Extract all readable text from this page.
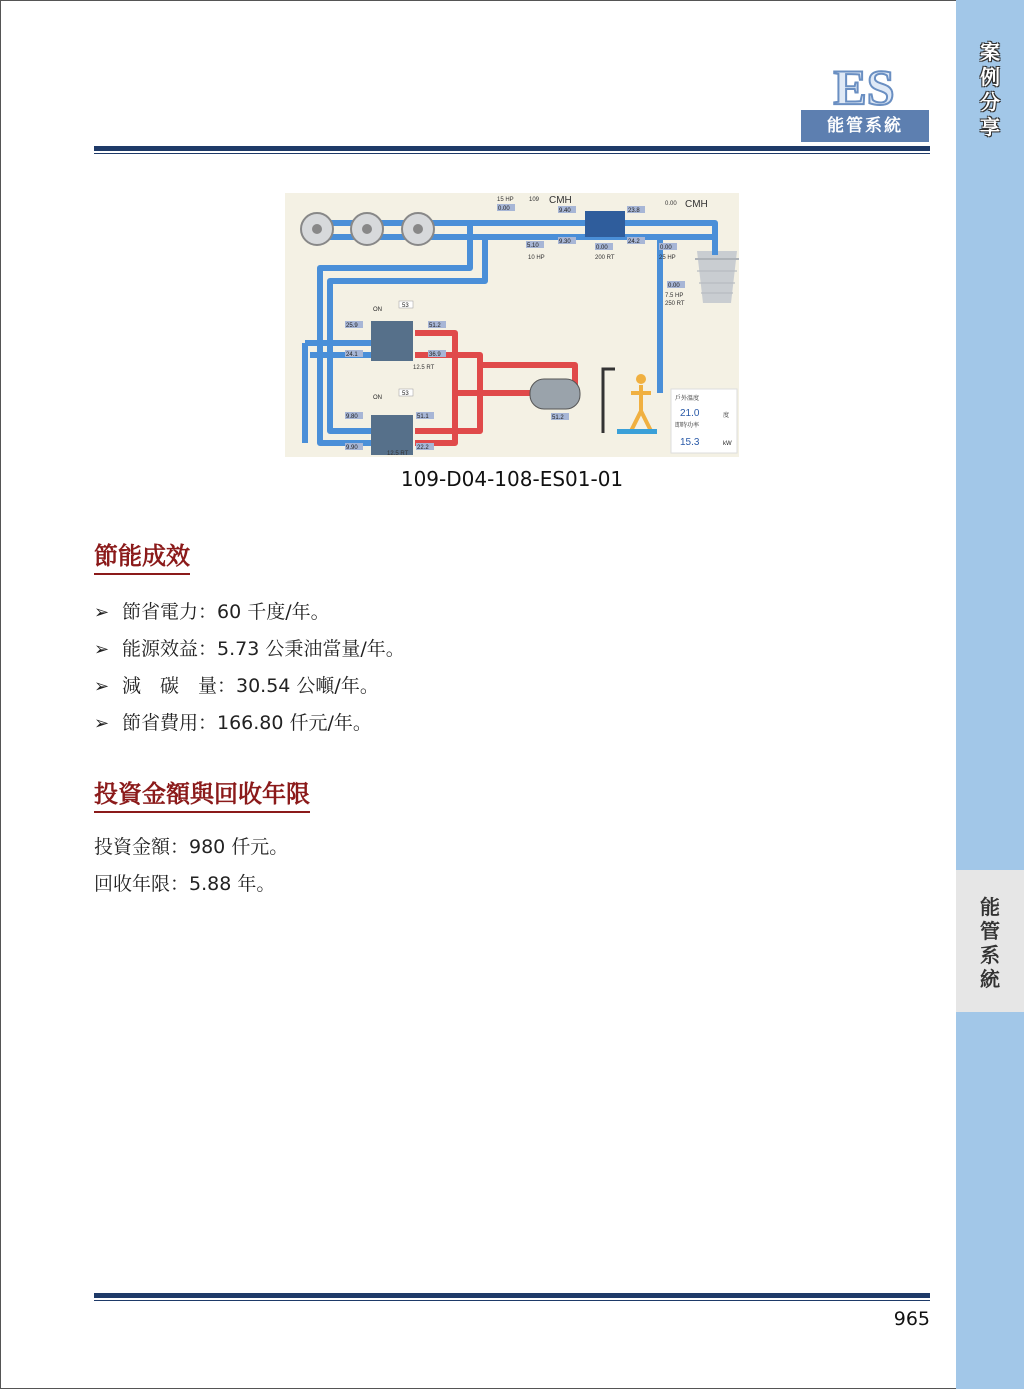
案例分享
能管系統
ES
能管系統
15 HP	109 CMH	0.00 CMH
10 HP	200 RT	25 HP
7.5 HP
250 RT
12.5 RT
12.5 RT
0.00
5.10	0.00	0.00
0.00
9.40
9.30
23.8
24.2
25.9	51.2
24.1	36.9
9.80	51.1
9.90	22.2
51.2
53
53
ON
ON	戶外溫度
21.0	度
即時功率
15.3	kW
109-D04-108-ES01-01
節能成效
➢ 節省電力：60 千度/年。
➢ 能源效益：5.73 公秉油當量/年。
➢ 減　碳　量：30.54 公噸/年。
➢ 節省費用：166.80 仟元/年。
投資金額與回收年限

投資金額：980 仟元。

回收年限：5.88 年。

965
